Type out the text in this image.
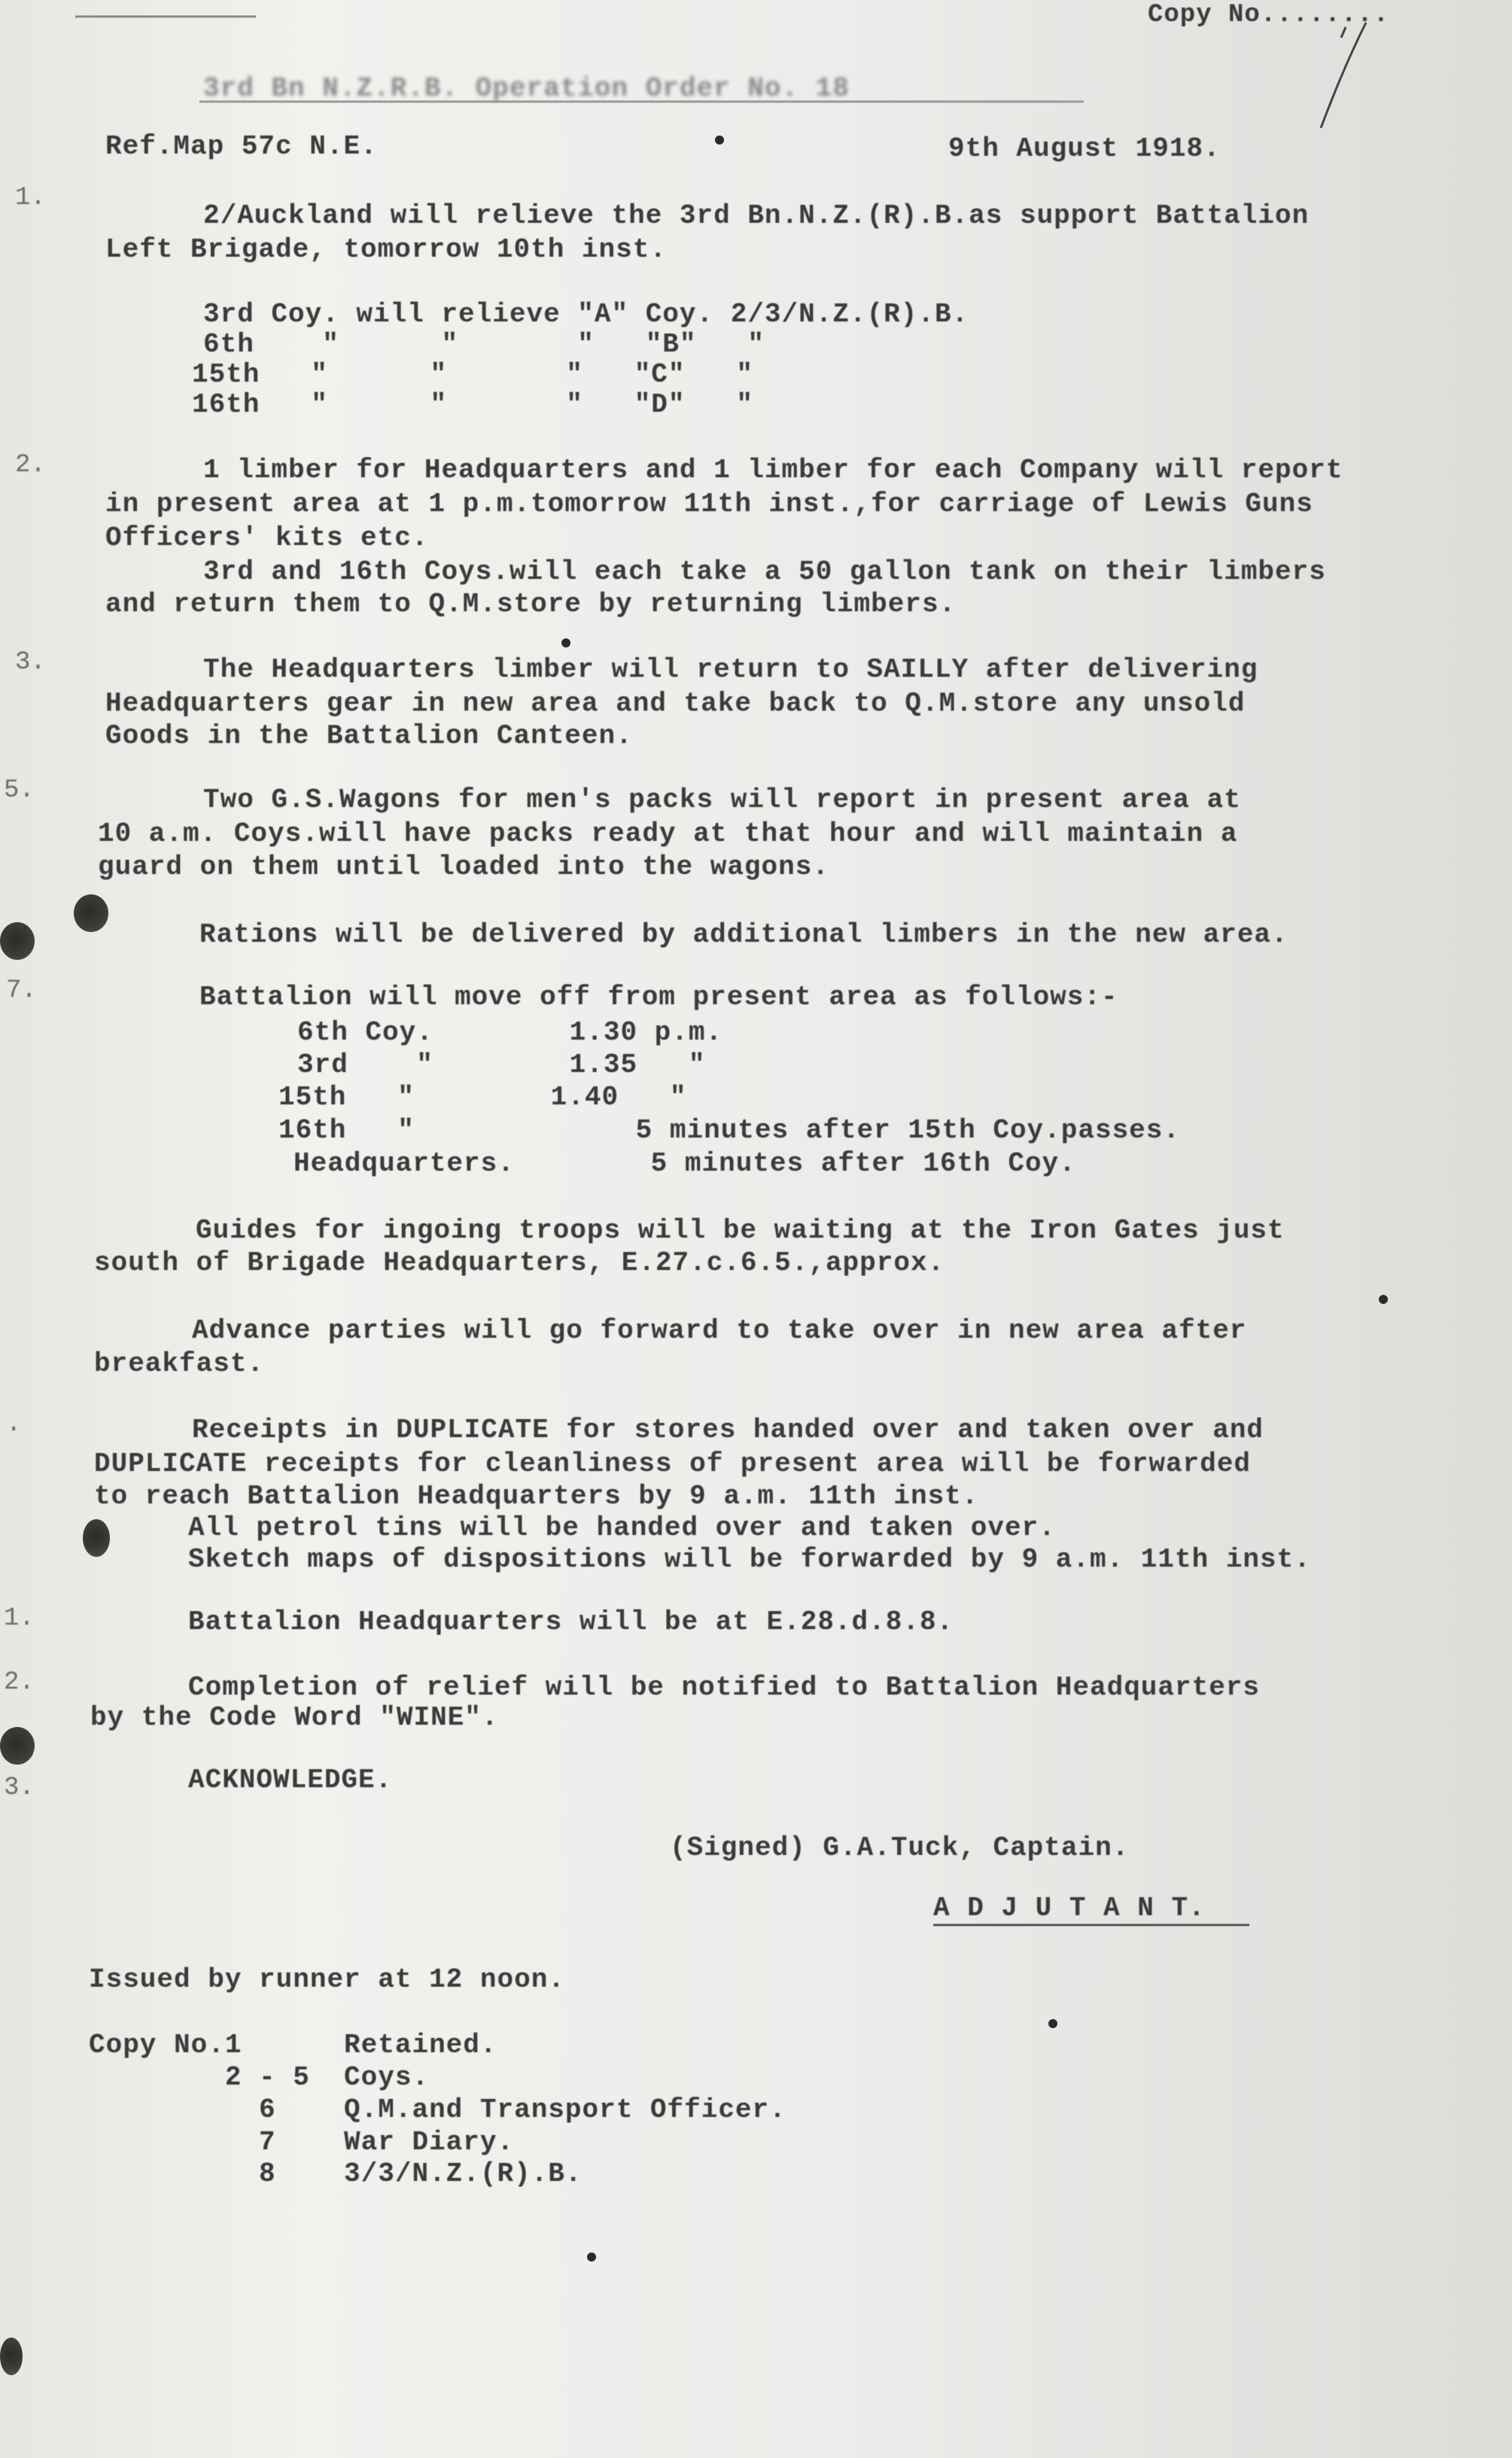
Copy No........
3rd Bn N.Z.R.B. Operation Order No. 18
Ref.Map 57c N.E.	9th August 1918.
1.
2/Auckland will relieve the 3rd Bn.N.Z.(R).B.as support Battalion
Left Brigade, tomorrow 10th inst.
3rd Coy. will relieve "A" Coy. 2/3/N.Z.(R).B.
6th    "      "       "   "B"   "
15th   "      "       "   "C"   "
16th   "      "       "   "D"   "
2.	1 limber for Headquarters and 1 limber for each Company will report
in present area at 1 p.m.tomorrow 11th inst.,for carriage of Lewis Guns
Officers' kits etc.
3rd and 16th Coys.will each take a 50 gallon tank on their limbers
and return them to Q.M.store by returning limbers.
3.	The Headquarters limber will return to SAILLY after delivering
Headquarters gear in new area and take back to Q.M.store any unsold
Goods in the Battalion Canteen.
5.	Two G.S.Wagons for men's packs will report in present area at
10 a.m. Coys.will have packs ready at that hour and will maintain a
guard on them until loaded into the wagons.
Rations will be delivered by additional limbers in the new area.
7.	Battalion will move off from present area as follows:-
6th Coy.        1.30 p.m.
3rd    "        1.35   "
15th   "        1.40   "
16th   "             5 minutes after 15th Coy.passes.
Headquarters.        5 minutes after 16th Coy.
Guides for ingoing troops will be waiting at the Iron Gates just
south of Brigade Headquarters, E.27.c.6.5.,approx.
Advance parties will go forward to take over in new area after
breakfast.
.	Receipts in DUPLICATE for stores handed over and taken over and
DUPLICATE receipts for cleanliness of present area will be forwarded
to reach Battalion Headquarters by 9 a.m. 11th inst.
All petrol tins will be handed over and taken over.
Sketch maps of dispositions will be forwarded by 9 a.m. 11th inst.
1.	Battalion Headquarters will be at E.28.d.8.8.
2.	Completion of relief will be notified to Battalion Headquarters
by the Code Word "WINE".
3.	ACKNOWLEDGE.
(Signed) G.A.Tuck, Captain.
A D J U T A N T.
Issued by runner at 12 noon.
Copy No.1      Retained.
2 - 5  Coys.
6    Q.M.and Transport Officer.
7    War Diary.
8    3/3/N.Z.(R).B.
